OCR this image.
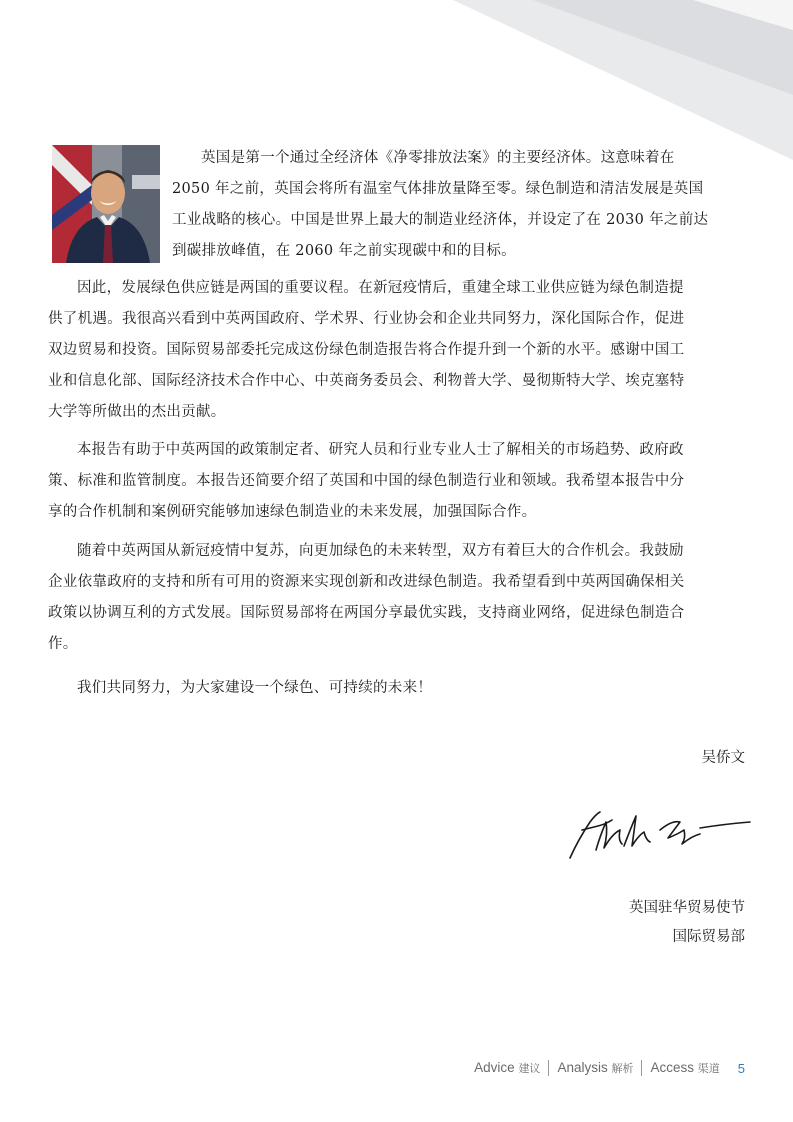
英国是第一个通过全经济体《净零排放法案》的主要经济体。这意味着在
2050 年之前，英国会将所有温室气体排放量降至零。绿色制造和清洁发展是英国
工业战略的核心。中国是世界上最大的制造业经济体，并设定了在 2030 年之前达
到碳排放峰值，在 2060 年之前实现碳中和的目标。

因此，发展绿色供应链是两国的重要议程。在新冠疫情后，重建全球工业供应链为绿色制造提
供了机遇。我很高兴看到中英两国政府、学术界、行业协会和企业共同努力，深化国际合作，促进
双边贸易和投资。国际贸易部委托完成这份绿色制造报告将合作提升到一个新的水平。感谢中国工
业和信息化部、国际经济技术合作中心、中英商务委员会、利物普大学、曼彻斯特大学、埃克塞特
大学等所做出的杰出贡献。

本报告有助于中英两国的政策制定者、研究人员和行业专业人士了解相关的市场趋势、政府政
策、标准和监管制度。本报告还简要介绍了英国和中国的绿色制造行业和领域。我希望本报告中分
享的合作机制和案例研究能够加速绿色制造业的未来发展，加强国际合作。

随着中英两国从新冠疫情中复苏，向更加绿色的未来转型，双方有着巨大的合作机会。我鼓励
企业依靠政府的支持和所有可用的资源来实现创新和改进绿色制造。我希望看到中英两国确保相关
政策以协调互利的方式发展。国际贸易部将在两国分享最优实践，支持商业网络，促进绿色制造合
作。

我们共同努力，为大家建设一个绿色、可持续的未来！

吴侨文
英国驻华贸易使节
国际贸易部
Advice 建议 Analysis 解析 Access 渠道 5
